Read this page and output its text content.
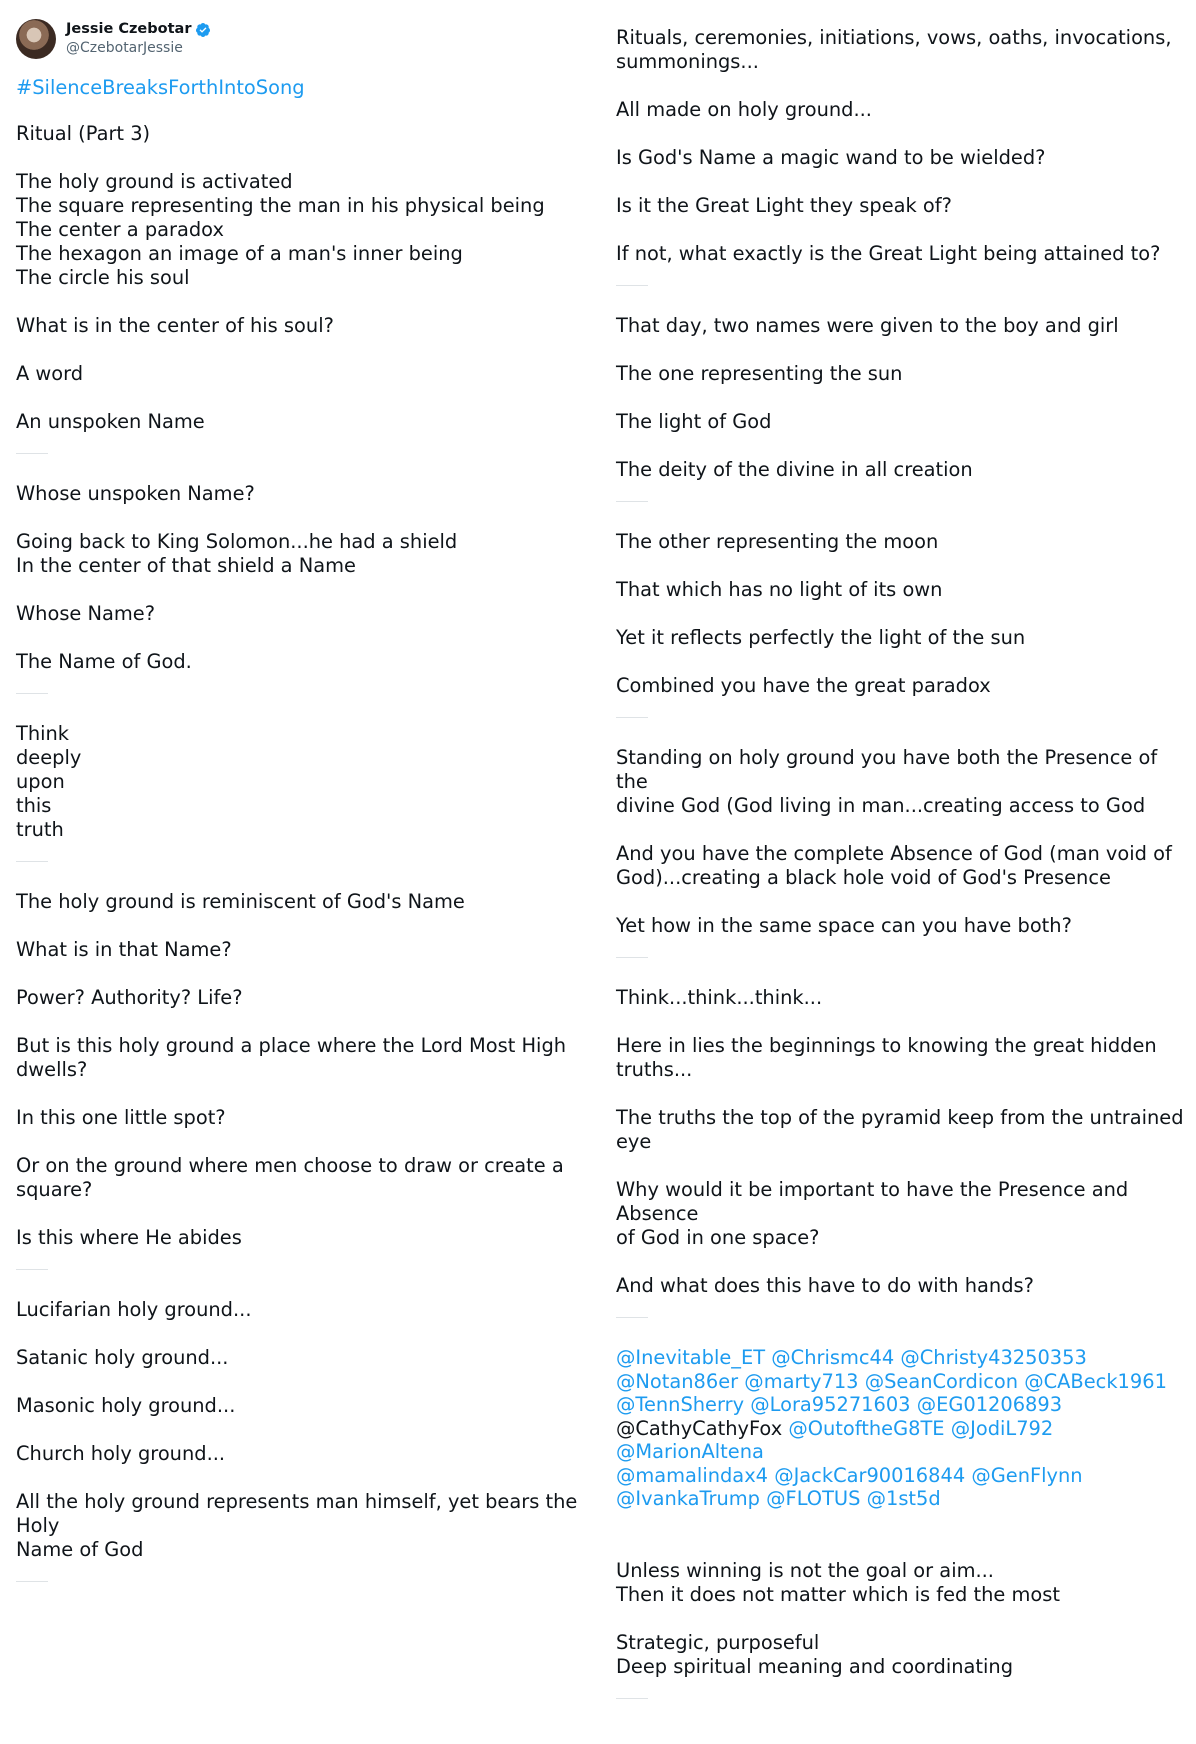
Jessie Czebotar
@CzebotarJessie
#SilenceBreaksForthIntoSong
Ritual (Part 3)
The holy ground is activated
The square representing the man in his physical being
The center a paradox
The hexagon an image of a man's inner being
The circle his soul
What is in the center of his soul?
A word
An unspoken Name
Whose unspoken Name?
Going back to King Solomon...he had a shield
In the center of that shield a Name
Whose Name?
The Name of God.
Think
deeply
upon
this
truth
The holy ground is reminiscent of God's Name
What is in that Name?
Power? Authority? Life?
But is this holy ground a place where the Lord Most High
dwells?
In this one little spot?
Or on the ground where men choose to draw or create a
square?
Is this where He abides
Lucifarian holy ground...
Satanic holy ground...
Masonic holy ground...
Church holy ground...
All the holy ground represents man himself, yet bears the Holy
Name of God
Rituals, ceremonies, initiations, vows, oaths, invocations,
summonings...
All made on holy ground...
Is God's Name a magic wand to be wielded?
Is it the Great Light they speak of?
If not, what exactly is the Great Light being attained to?
That day, two names were given to the boy and girl
The one representing the sun
The light of God
The deity of the divine in all creation
The other representing the moon
That which has no light of its own
Yet it reflects perfectly the light of the sun
Combined you have the great paradox
Standing on holy ground you have both the Presence of the
divine God (God living in man...creating access to God
And you have the complete Absence of God (man void of
God)...creating a black hole void of God's Presence
Yet how in the same space can you have both?
Think...think...think...
Here in lies the beginnings to knowing the great hidden
truths...
The truths the top of the pyramid keep from the untrained eye
Why would it be important to have the Presence and Absence
of God in one space?
And what does this have to do with hands?
@Inevitable_ET @Chrismc44 @Christy43250353
@Notan86er @marty713 @SeanCordicon @CABeck1961
@TennSherry @Lora95271603 @EG01206893
@CathyCathyFox @OutoftheG8TE @JodiL792 @MarionAltena
@mamalindax4 @JackCar90016844 @GenFlynn
@IvankaTrump @FLOTUS @1st5d
Unless winning is not the goal or aim...
Then it does not matter which is fed the most
Strategic, purposeful
Deep spiritual meaning and coordinating
